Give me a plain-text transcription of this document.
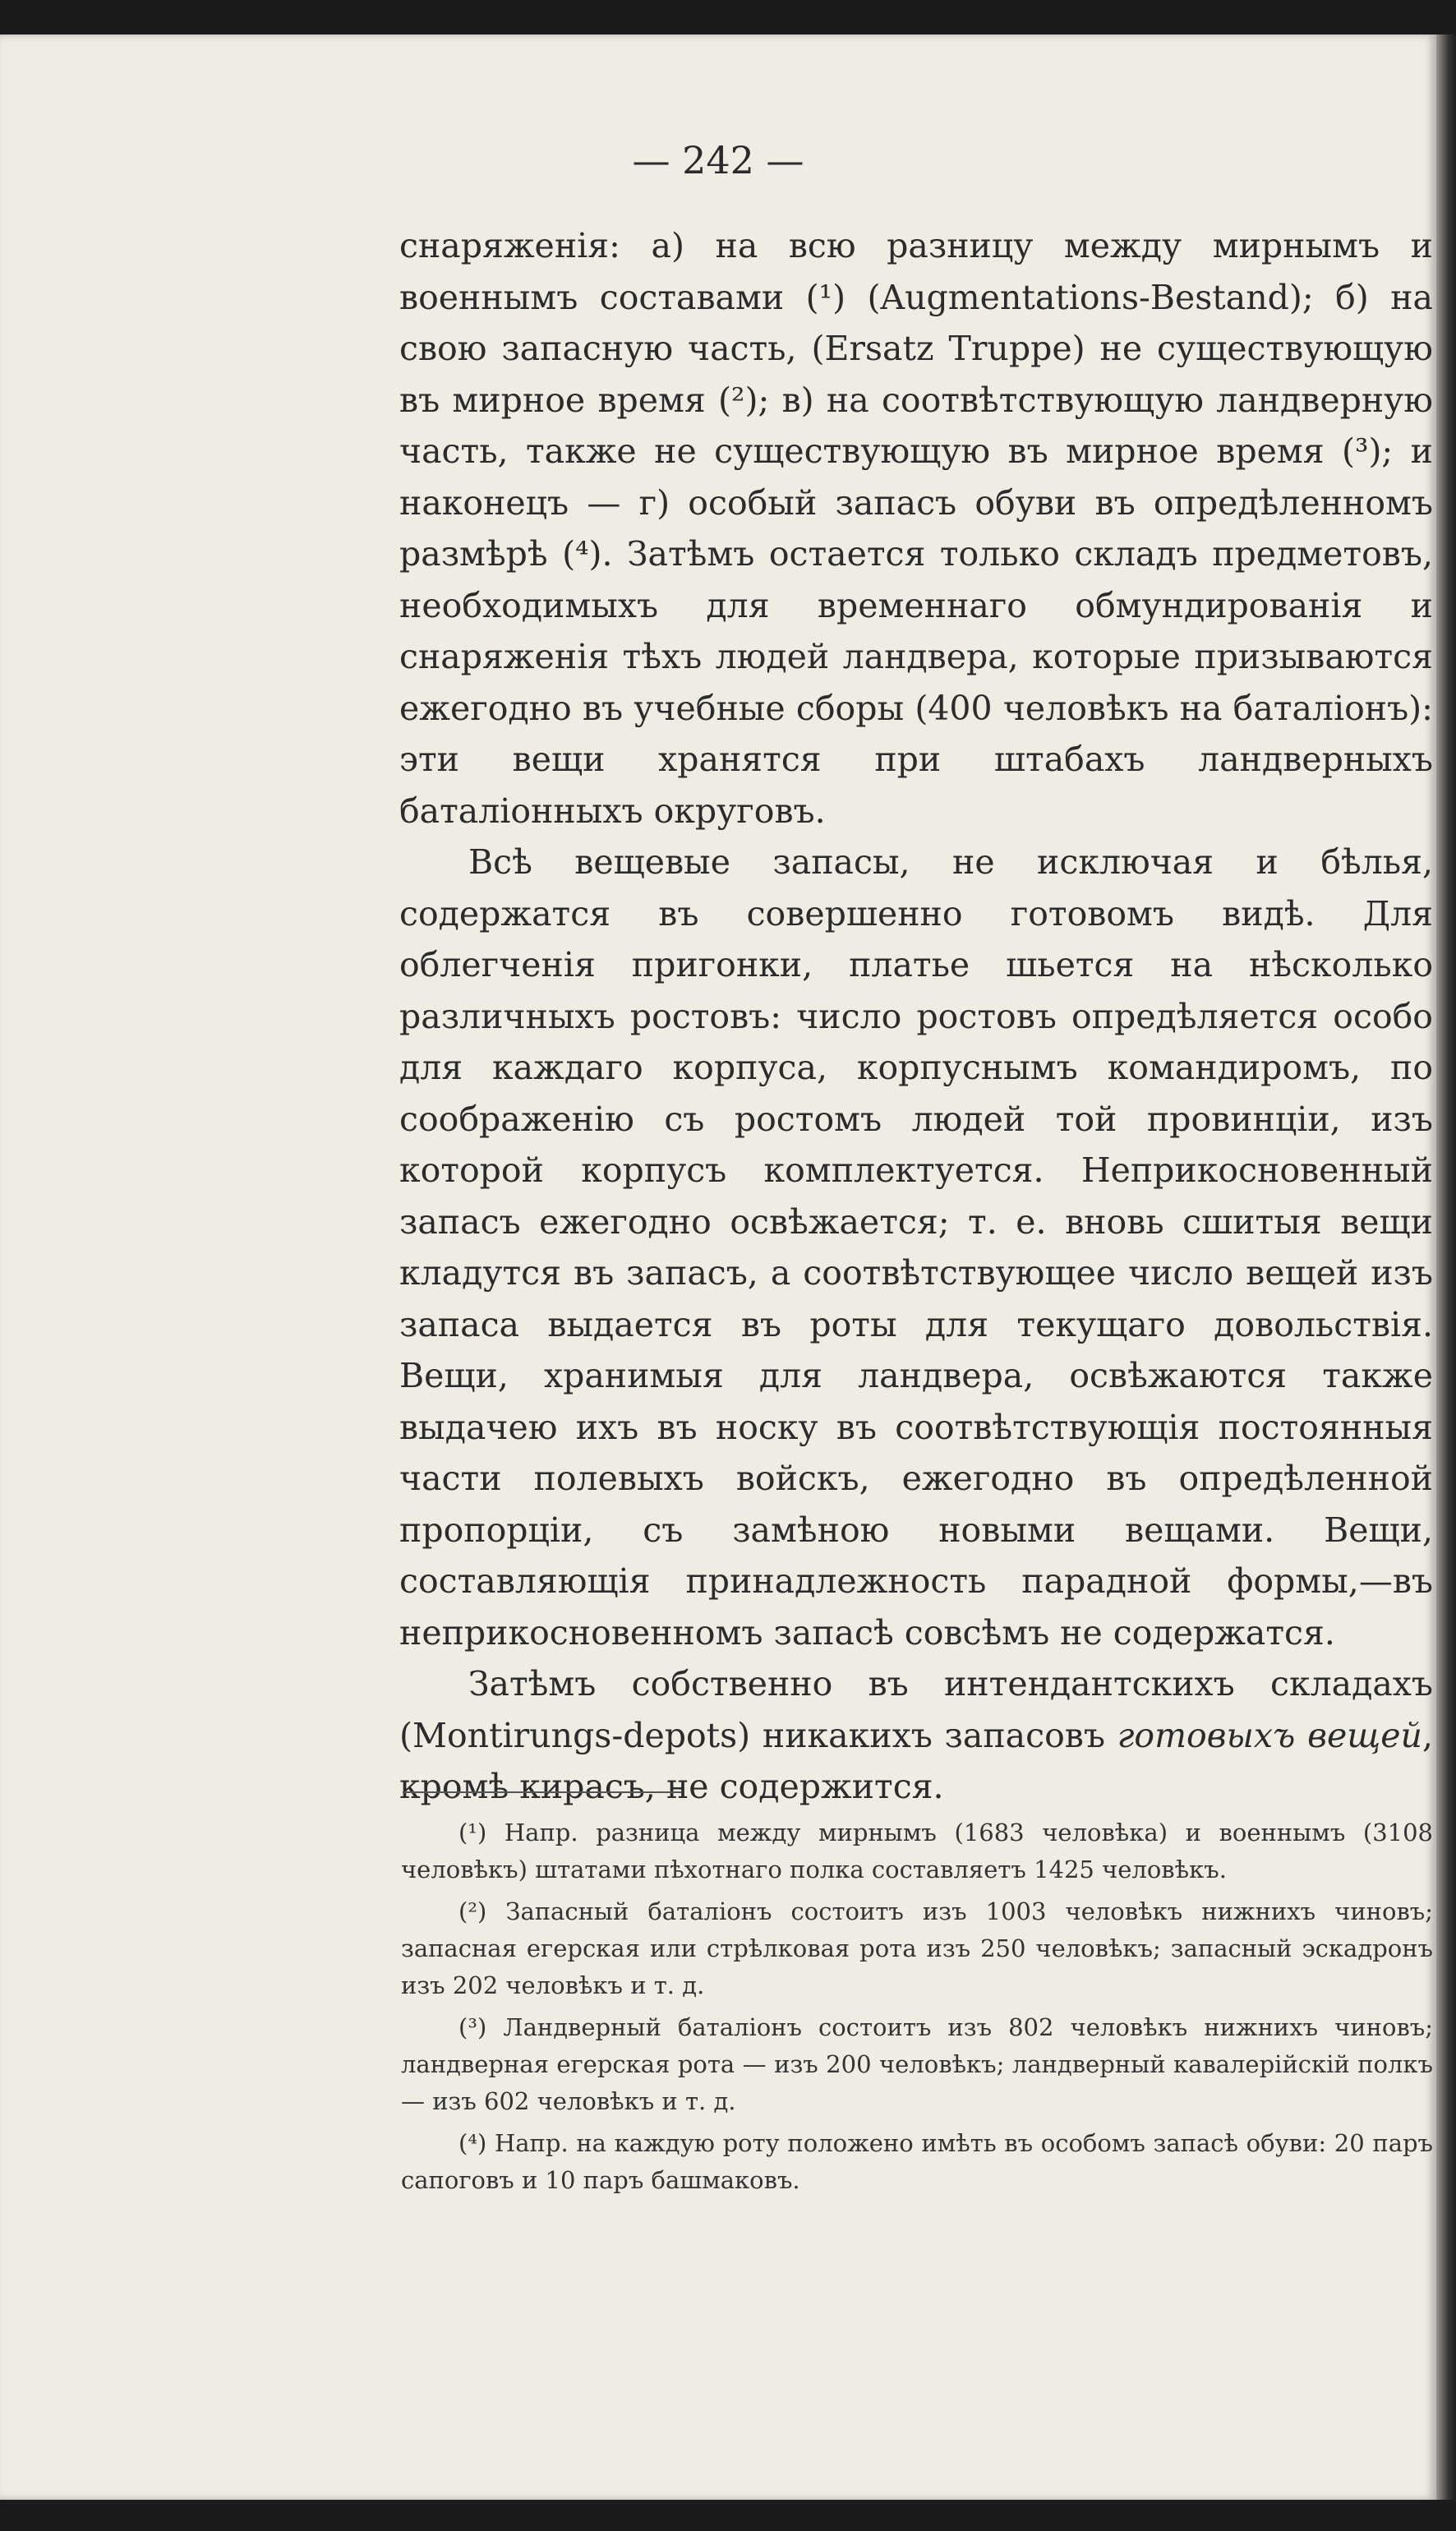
— 242 —

снаряженія: а) на всю разницу между мирнымъ и военнымъ составами (¹) (Augmentations-Bestand); б) на свою запасную часть, (Ersatz Truppe) не существующую въ мирное время (²); в) на соотвѣтствующую ландверную часть, также не существующую въ мирное время (³); и наконецъ — г) особый запасъ обуви въ опредѣленномъ размѣрѣ (⁴). Затѣмъ остается только складъ предметовъ, необходимыхъ для временнаго обмундированія и снаряженія тѣхъ людей ландвера, которые призываются ежегодно въ учебные сборы (400 человѣкъ на баталіонъ): эти вещи хранятся при штабахъ ландверныхъ баталіонныхъ округовъ.

Всѣ вещевые запасы, не исключая и бѣлья, содержатся въ совершенно готовомъ видѣ. Для облегченія пригонки, платье шьется на нѣсколько различныхъ ростовъ: число ростовъ опредѣляется особо для каждаго корпуса, корпуснымъ командиромъ, по соображенію съ ростомъ людей той провинціи, изъ которой корпусъ комплектуется. Неприкосновенный запасъ ежегодно освѣжается; т. е. вновь сшитыя вещи кладутся въ запасъ, а соотвѣтствующее число вещей изъ запаса выдается въ роты для текущаго довольствія. Вещи, хранимыя для ландвера, освѣжаются также выдачею ихъ въ носку въ соотвѣтствующія постоянныя части полевыхъ войскъ, ежегодно въ опредѣленной пропорціи, съ замѣною новыми вещами. Вещи, составляющія принадлежность парадной формы,—въ неприкосновенномъ запасѣ совсѣмъ не содержатся.

Затѣмъ собственно въ интендантскихъ складахъ (Montirungs-depots) никакихъ запасовъ готовыхъ вещей, кромѣ кирасъ, не содержится.

(¹) Напр. разница между мирнымъ (1683 человѣка) и военнымъ (3108 человѣкъ) штатами пѣхотнаго полка составляетъ 1425 человѣкъ.

(²) Запасный баталіонъ состоитъ изъ 1003 человѣкъ нижнихъ чиновъ; запасная егерская или стрѣлковая рота изъ 250 человѣкъ; запасный эскадронъ изъ 202 человѣкъ и т. д.

(³) Ландверный баталіонъ состоитъ изъ 802 человѣкъ нижнихъ чиновъ; ландверная егерская рота — изъ 200 человѣкъ; ландверный кавалерійскій полкъ — изъ 602 человѣкъ и т. д.

(⁴) Напр. на каждую роту положено имѣть въ особомъ запасѣ обуви: 20 паръ сапоговъ и 10 паръ башмаковъ.
